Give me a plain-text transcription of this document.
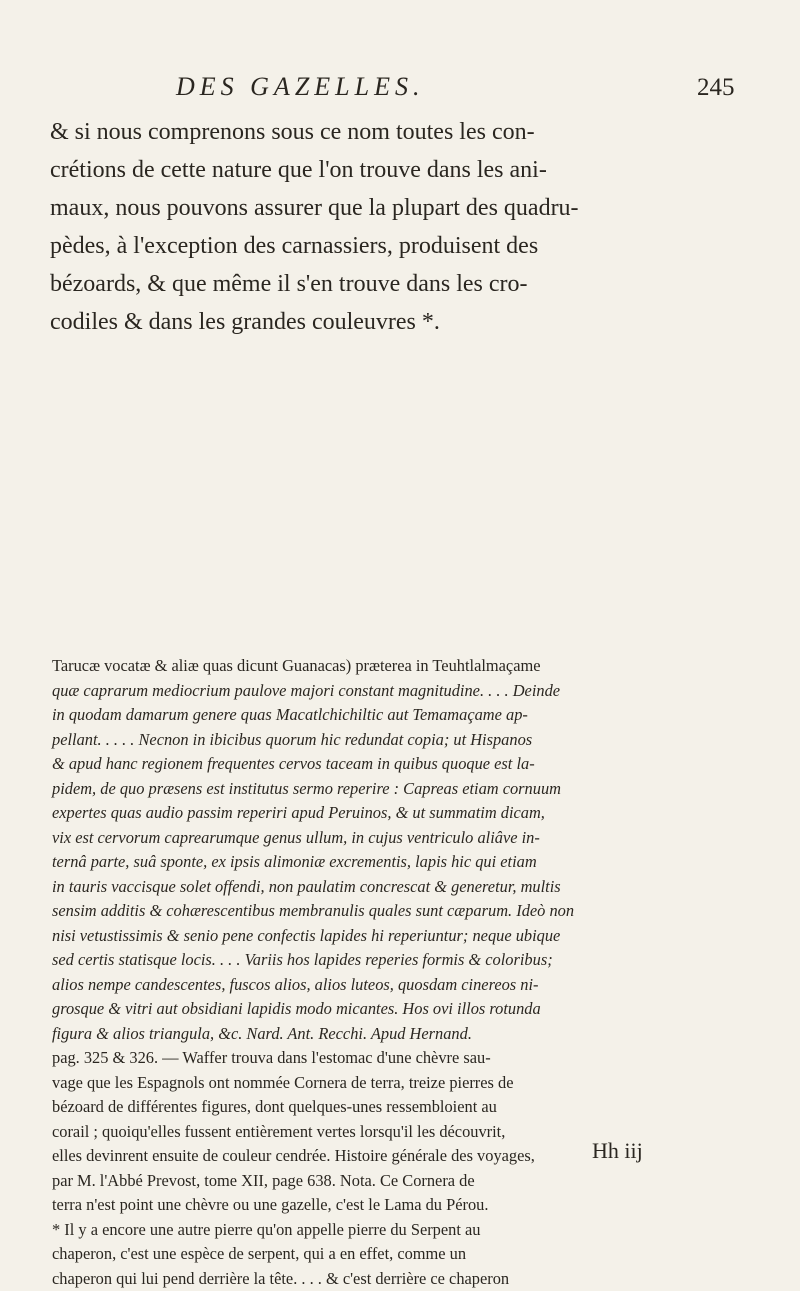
DES GAZELLES.	245
& si nous comprenons sous ce nom toutes les con-
crétions de cette nature que l'on trouve dans les ani-
maux, nous pouvons assurer que la plupart des quadru-
pèdes, à l'exception des carnassiers, produisent des
bézoards, & que même il s'en trouve dans les cro-
codiles & dans les grandes couleuvres *.
Tarucæ vocatæ & aliæ quas dicunt Guanacas) præterea in Teuhtlalmaçame
quæ caprarum mediocrium paulove majori constant magnitudine. . . . Deinde
in quodam damarum genere quas Macatlchichiltic aut Temamaçame ap-
pellant. . . . . Necnon in ibicibus quorum hic redundat copia; ut Hispanos
& apud hanc regionem frequentes cervos taceam in quibus quoque est la-
pidem, de quo præsens est institutus sermo reperire : Capreas etiam cornuum
expertes quas audio passim reperiri apud Peruinos, & ut summatim dicam,
vix est cervorum caprearumque genus ullum, in cujus ventriculo aliâve in-
ternâ parte, suâ sponte, ex ipsis alimoniæ excrementis, lapis hic qui etiam
in tauris vaccisque solet offendi, non paulatim concrescat & generetur, multis
sensim additis & cohærescentibus membranulis quales sunt cæparum. Ideò non
nisi vetustissimis & senio pene confectis lapides hi reperiuntur; neque ubique
sed certis statisque locis. . . . Variis hos lapides reperies formis & coloribus;
alios nempe candescentes, fuscos alios, alios luteos, quosdam cinereos ni-
grosque & vitri aut obsidiani lapidis modo micantes. Hos ovi illos rotunda
figura & alios triangula, &c. Nard. Ant. Recchi. Apud Hernand.
pag. 325 & 326. — Waffer trouva dans l'estomac d'une chèvre sau-
vage que les Espagnols ont nommée Cornera de terra, treize pierres de
bézoard de différentes figures, dont quelques-unes ressembloient au
corail ; quoiqu'elles fussent entièrement vertes lorsqu'il les découvrit,
elles devinrent ensuite de couleur cendrée. Histoire générale des voyages,
par M. l'Abbé Prevost, tome XII, page 638. Nota. Ce Cornera de
terra n'est point une chèvre ou une gazelle, c'est le Lama du Pérou.
* Il y a encore une autre pierre qu'on appelle pierre du Serpent au
chaperon, c'est une espèce de serpent, qui a en effet, comme un
chaperon qui lui pend derrière la tête. . . . & c'est derrière ce chaperon
Hh iij
